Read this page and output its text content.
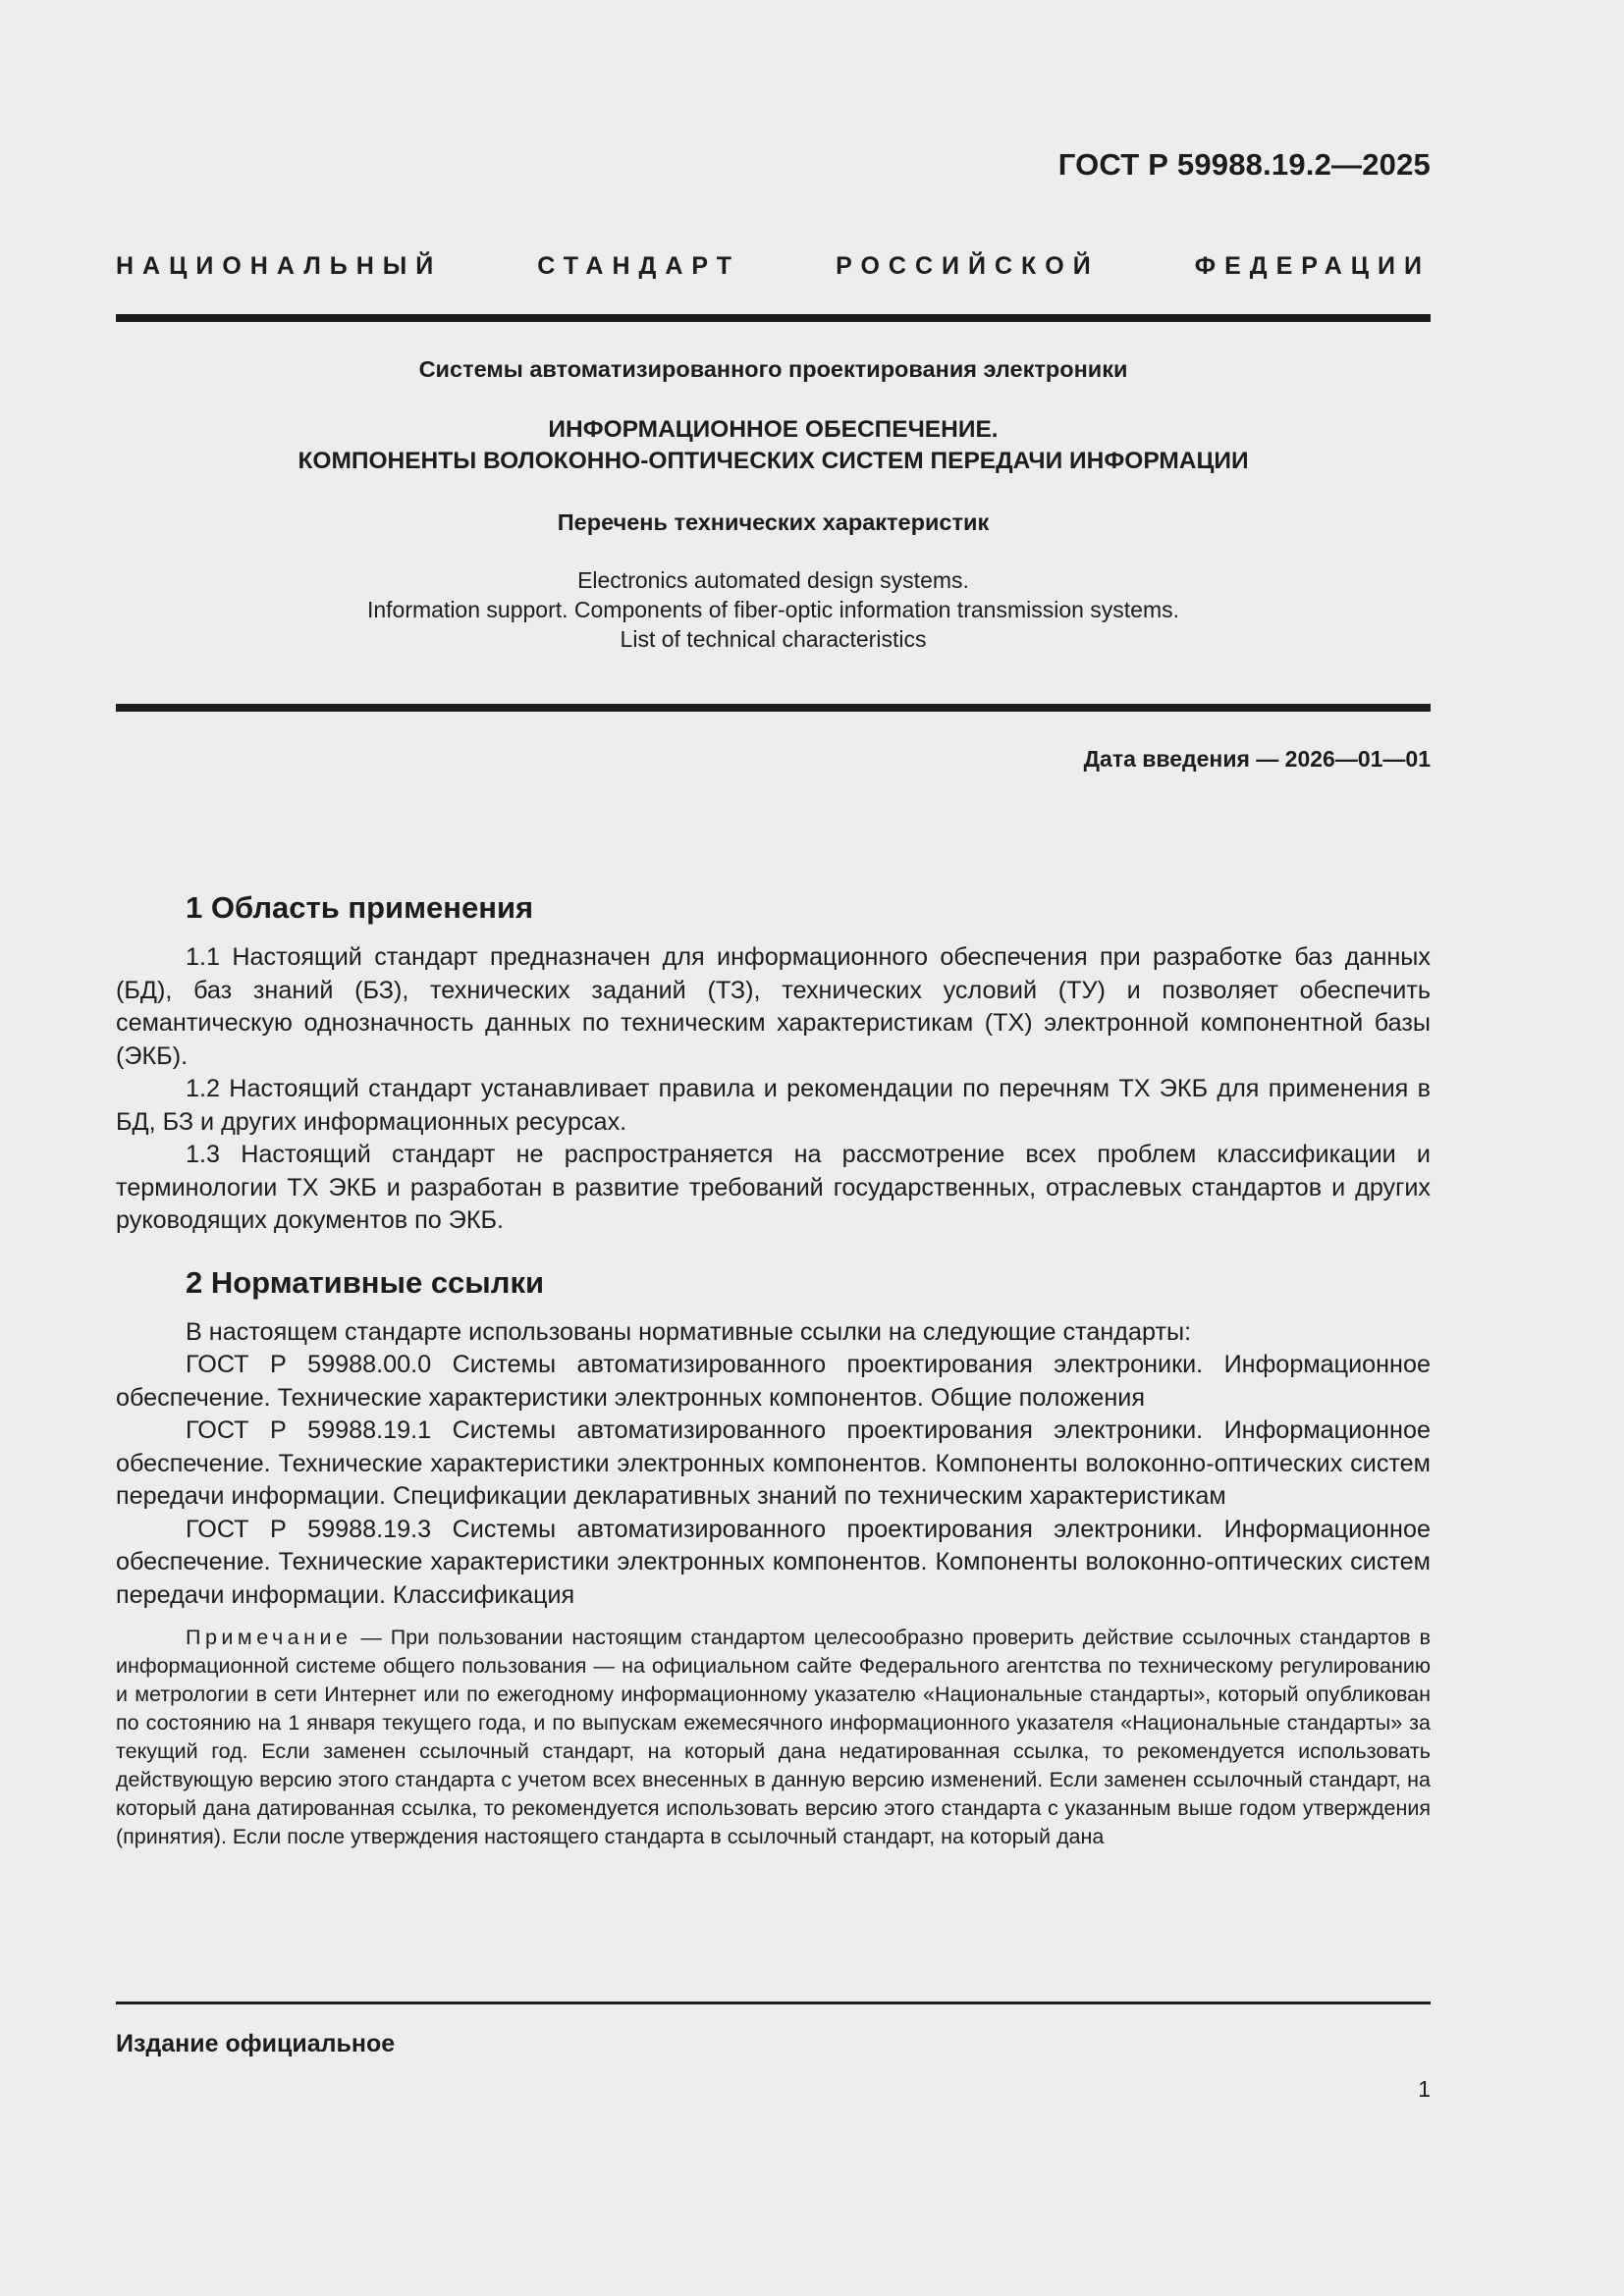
ГОСТ Р 59988.19.2—2025
НАЦИОНАЛЬНЫЙ СТАНДАРТ РОССИЙСКОЙ ФЕДЕРАЦИИ
Системы автоматизированного проектирования электроники
ИНФОРМАЦИОННОЕ ОБЕСПЕЧЕНИЕ.
КОМПОНЕНТЫ ВОЛОКОННО-ОПТИЧЕСКИХ СИСТЕМ ПЕРЕДАЧИ ИНФОРМАЦИИ
Перечень технических характеристик
Electronics automated design systems.
Information support. Components of fiber-optic information transmission systems.
List of technical characteristics
Дата введения — 2026—01—01
1 Область применения

1.1 Настоящий стандарт предназначен для информационного обеспечения при разработке баз данных (БД), баз знаний (БЗ), технических заданий (ТЗ), технических условий (ТУ) и позволяет обеспечить семантическую однозначность данных по техническим характеристикам (ТХ) электронной компонентной базы (ЭКБ).

1.2 Настоящий стандарт устанавливает правила и рекомендации по перечням ТХ ЭКБ для применения в БД, БЗ и других информационных ресурсах.

1.3 Настоящий стандарт не распространяется на рассмотрение всех проблем классификации и терминологии ТХ ЭКБ и разработан в развитие требований государственных, отраслевых стандартов и других руководящих документов по ЭКБ.

2 Нормативные ссылки

В настоящем стандарте использованы нормативные ссылки на следующие стандарты:

ГОСТ Р 59988.00.0 Системы автоматизированного проектирования электроники. Информационное обеспечение. Технические характеристики электронных компонентов. Общие положения

ГОСТ Р 59988.19.1 Системы автоматизированного проектирования электроники. Информационное обеспечение. Технические характеристики электронных компонентов. Компоненты волоконно-оптических систем передачи информации. Спецификации декларативных знаний по техническим характеристикам

ГОСТ Р 59988.19.3 Системы автоматизированного проектирования электроники. Информационное обеспечение. Технические характеристики электронных компонентов. Компоненты волоконно-оптических систем передачи информации. Классификация

Примечание — При пользовании настоящим стандартом целесообразно проверить действие ссылочных стандартов в информационной системе общего пользования — на официальном сайте Федерального агентства по техническому регулированию и метрологии в сети Интернет или по ежегодному информационному указателю «Национальные стандарты», который опубликован по состоянию на 1 января текущего года, и по выпускам ежемесячного информационного указателя «Национальные стандарты» за текущий год. Если заменен ссылочный стандарт, на который дана недатированная ссылка, то рекомендуется использовать действующую версию этого стандарта с учетом всех внесенных в данную версию изменений. Если заменен ссылочный стандарт, на который дана датированная ссылка, то рекомендуется использовать версию этого стандарта с указанным выше годом утверждения (принятия). Если после утверждения настоящего стандарта в ссылочный стандарт, на который дана

Издание официальное
1
